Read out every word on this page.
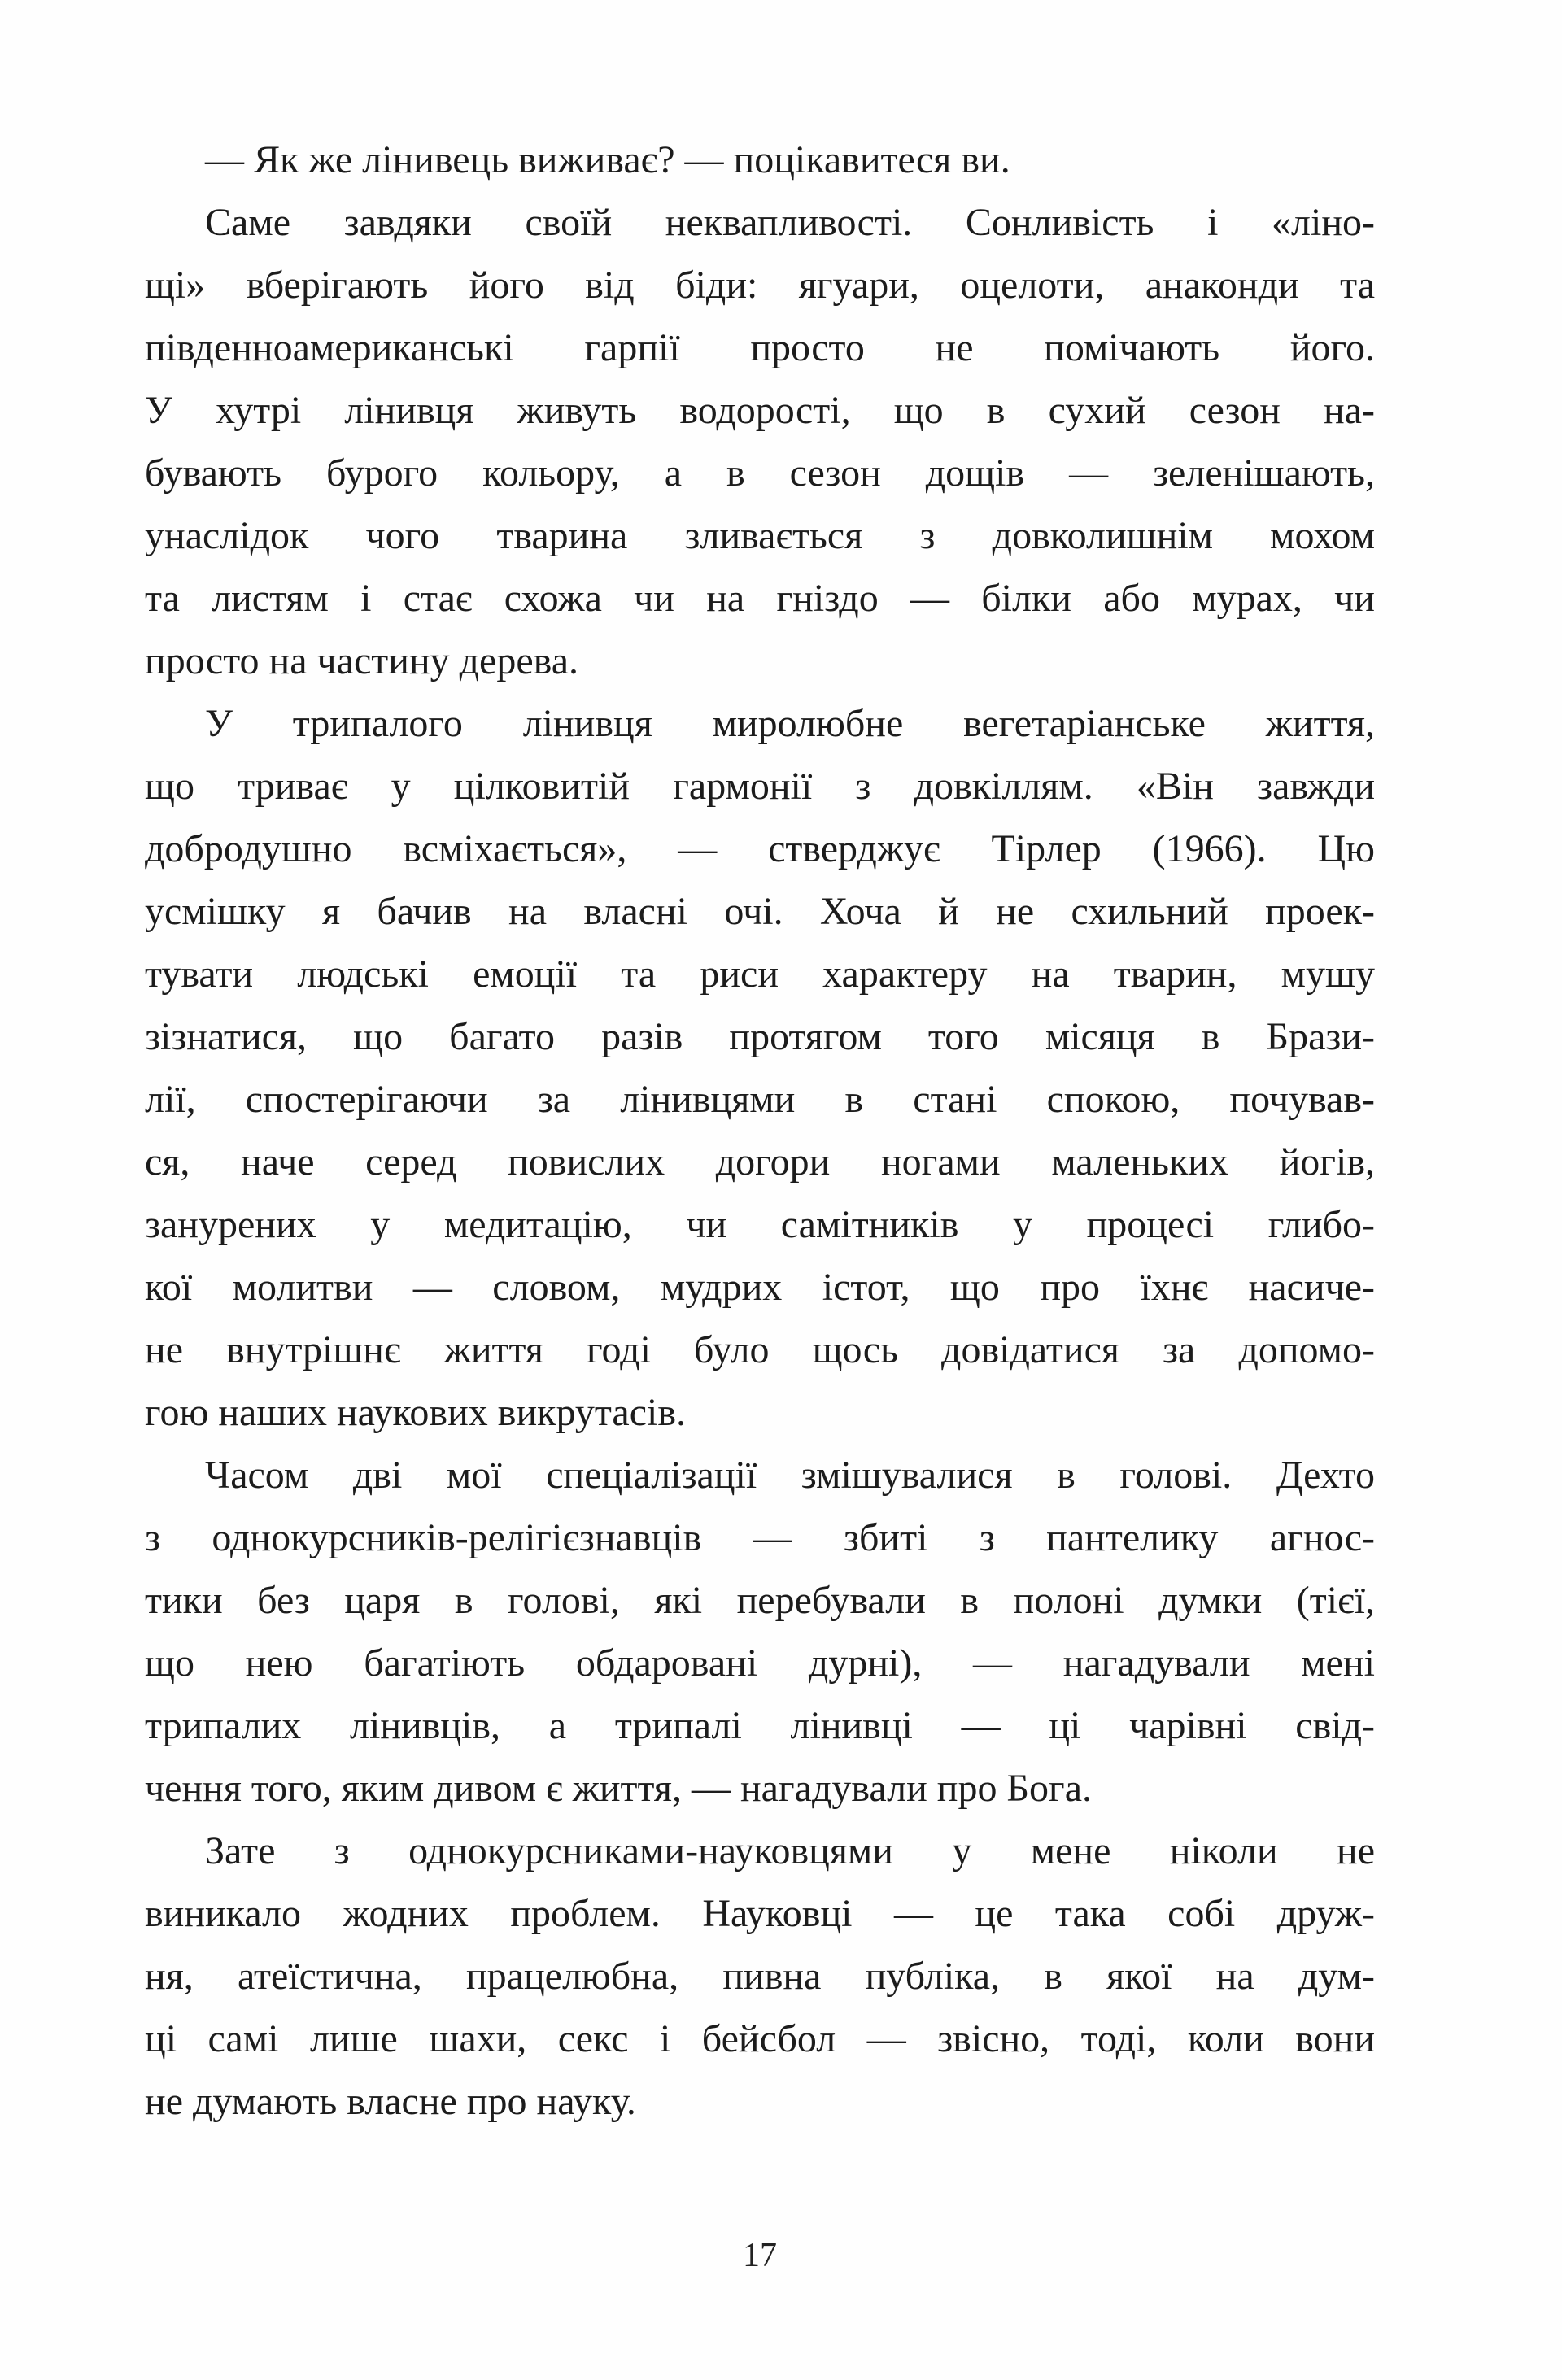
— Як же лінивець виживає? — поцікавитеся ви.
Саме завдяки своїй неквапливості. Сонливість і «ліно-
щі» вберігають його від біди: ягуари, оцелоти, анаконди та
південноамериканські гарпії просто не помічають його.
У хутрі лінивця живуть водорості, що в сухий сезон на-
бувають бурого кольору, а в сезон дощів — зеленішають,
унаслідок чого тварина зливається з довколишнім мохом
та листям і стає схожа чи на гніздо — білки або мурах, чи
просто на частину дерева.
У трипалого лінивця миролюбне вегетаріанське життя,
що триває у цілковитій гармонії з довкіллям. «Він завжди
добродушно всміхається», — стверджує Тірлер (1966). Цю
усмішку я бачив на власні очі. Хоча й не схильний проек-
тувати людські емоції та риси характеру на тварин, мушу
зізнатися, що багато разів протягом того місяця в Брази-
лії, спостерігаючи за лінивцями в стані спокою, почував-
ся, наче серед повислих догори ногами маленьких йогів,
занурених у медитацію, чи самітників у процесі глибо-
кої молитви — словом, мудрих істот, що про їхнє насиче-
не внутрішнє життя годі було щось довідатися за допомо-
гою наших наукових викрутасів.
Часом дві мої спеціалізації змішувалися в голові. Дехто
з однокурсників-релігієзнавців — збиті з пантелику агнос-
тики без царя в голові, які перебували в полоні думки (тієї,
що нею багатіють обдаровані дурні), — нагадували мені
трипалих лінивців, а трипалі лінивці — ці чарівні свід-
чення того, яким дивом є життя, — нагадували про Бога.
Зате з однокурсниками-науковцями у мене ніколи не
виникало жодних проблем. Науковці — це така собі друж-
ня, атеїстична, працелюбна, пивна публіка, в якої на дум-
ці самі лише шахи, секс і бейсбол — звісно, тоді, коли вони
не думають власне про науку.
17
